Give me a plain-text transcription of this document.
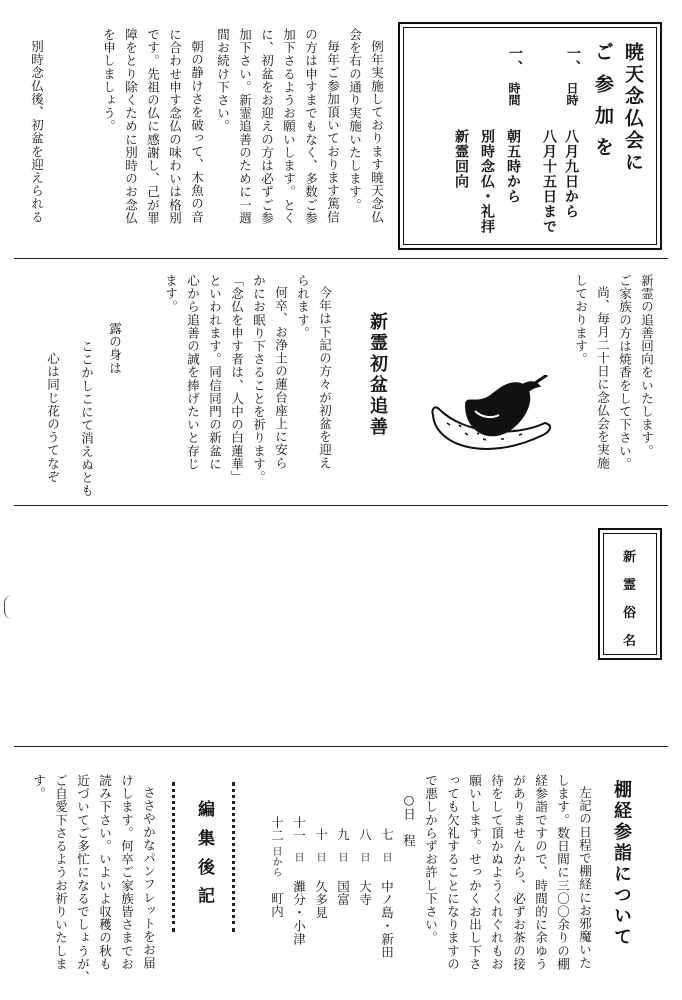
暁天念仏会に
ご 参 加 を
一、
日時
八月九日から
八月十五日まで
一、
時間
朝五時から
別時念仏・礼拝
新霊回向
例年実施しております暁天念仏
会を右の通り実施いたします。
毎年ご参加頂いております篤信
の方は申すまでもなく、多数ご参
加下さるようお願いします。とく
に、初盆をお迎えの方は必ずご参
加下さい。新霊追善のために一週
間お続け下さい。
朝の静けさを破って、木魚の音
に合わせ申す念仏の味わいは格別
です。先祖の仏に感謝し、己が罪
障をとり除くために別時のお念仏
を申しましょう。
別時念仏後、初盆を迎えられる
新霊の追善回向をいたします。
ご家族の方は焼香をして下さい。
尚、毎月二十日に念仏会を実施
しております。
新霊初盆追善
今年は下記の方々が初盆を迎え
られます。
何卒、お浄土の蓮台座上に安ら
かにお眠り下さることを祈ります。
「念仏を申す者は、人中の白蓮華」
といわれます。同信同門の新盆に
心から追善の誠を捧げたいと存じ
ます。
露の身は
ここかしこにて消えぬとも
心は同じ花のうてなぞ
新
霊
俗
名
棚経参詣について
左記の日程で棚経にお邪魔いた
します。数日間に三〇〇余りの棚
経参詣ですので、時間的に余ゆう
がありませんから、必ずお茶の接
待をして頂かぬようくれぐれもお
願いします。せっかくお出し下さ
っても欠礼することになりますの
で悪しからずお許し下さい。
○日　程
七
日
中ノ島・新田
八
日
大寺
九
日
国富
十
日
久多見
十一
日
灘分・小津
十二
日から
町内
編 集 後 記
ささやかなパンフレットをお届
けします。何卒ご家族皆さまでお
読み下さい。いよいよ収穫の秋も
近づいてご多忙になるでしょうが、
ご自愛下さるようお祈りいたしま
す。
